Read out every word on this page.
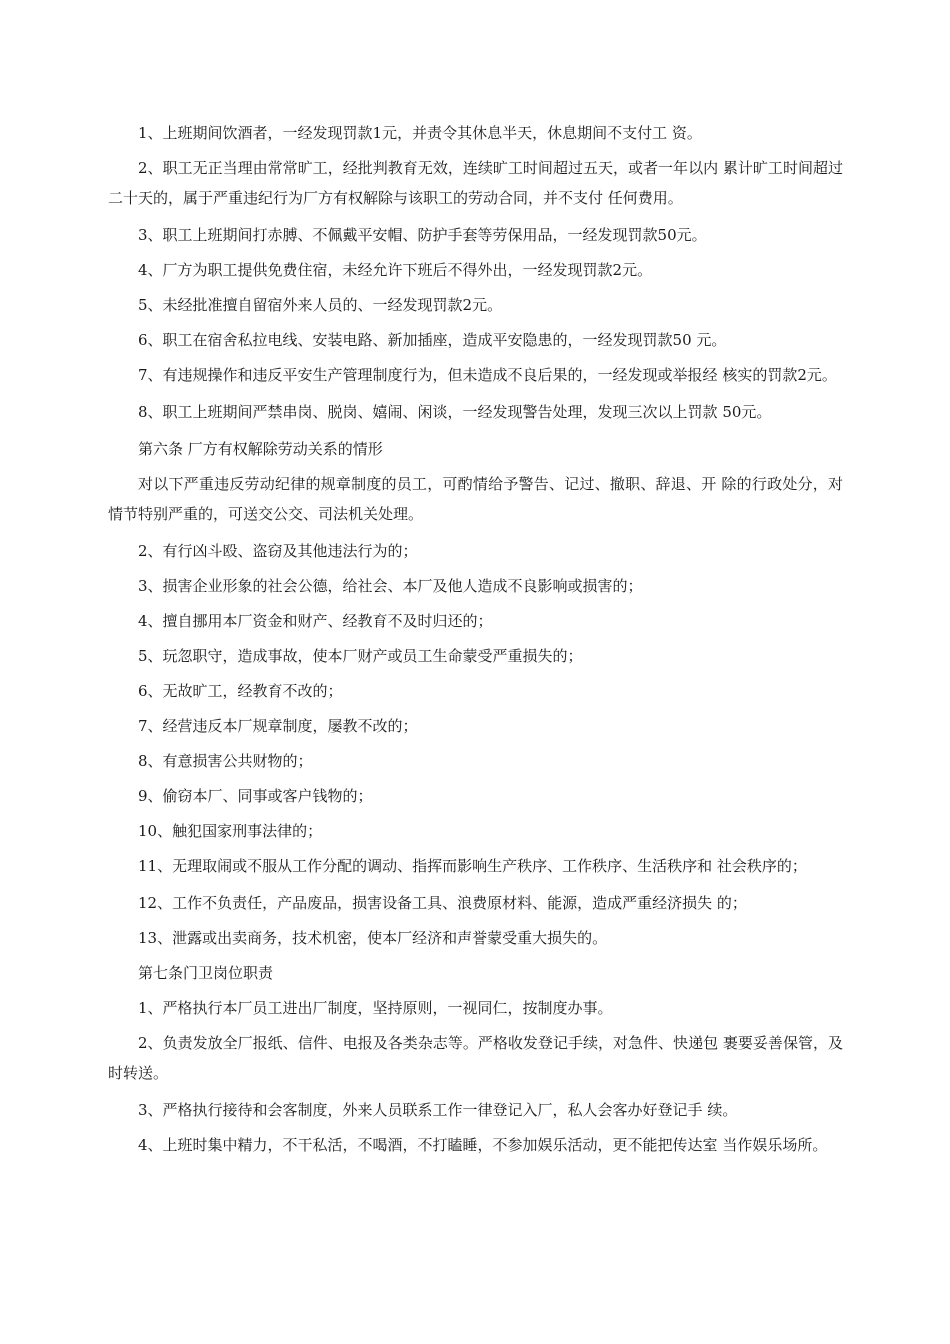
1、上班期间饮酒者，一经发现罚款1元，并责令其休息半天，休息期间不支付工 资。

2、职工无正当理由常常旷工，经批判教育无效，连续旷工时间超过五天，或者一年以内 累计旷工时间超过二十天的，属于严重违纪行为厂方有权解除与该职工的劳动合同，并不支付 任何费用。

3、职工上班期间打赤膊、不佩戴平安帽、防护手套等劳保用品，一经发现罚款50元。

4、厂方为职工提供免费住宿，未经允许下班后不得外出，一经发现罚款2元。

5、未经批准擅自留宿外来人员的、一经发现罚款2元。

6、职工在宿舍私拉电线、安装电路、新加插座，造成平安隐患的，一经发现罚款50 元。

7、有违规操作和违反平安生产管理制度行为，但未造成不良后果的，一经发现或举报经 核实的罚款2元。

8、职工上班期间严禁串岗、脱岗、嬉闹、闲谈，一经发现警告处理，发现三次以上罚款 50元。

第六条 厂方有权解除劳动关系的情形

对以下严重违反劳动纪律的规章制度的员工，可酌情给予警告、记过、撤职、辞退、开 除的行政处分，对情节特别严重的，可送交公交、司法机关处理。

2、有行凶斗殴、盗窃及其他违法行为的；

3、损害企业形象的社会公德，给社会、本厂及他人造成不良影响或损害的；

4、擅自挪用本厂资金和财产、经教育不及时归还的；

5、玩忽职守，造成事故，使本厂财产或员工生命蒙受严重损失的；

6、无故旷工，经教育不改的；

7、经营违反本厂规章制度，屡教不改的；

8、有意损害公共财物的；

9、偷窃本厂、同事或客户钱物的；

10、触犯国家刑事法律的；

11、无理取闹或不服从工作分配的调动、指挥而影响生产秩序、工作秩序、生活秩序和 社会秩序的；

12、工作不负责任，产品废品，损害设备工具、浪费原材料、能源，造成严重经济损失 的；

13、泄露或出卖商务，技术机密，使本厂经济和声誉蒙受重大损失的。

第七条门卫岗位职责

1、严格执行本厂员工进出厂制度，坚持原则，一视同仁，按制度办事。

2、负责发放全厂报纸、信件、电报及各类杂志等。严格收发登记手续，对急件、快递包 裹要妥善保管，及时转送。

3、严格执行接待和会客制度，外来人员联系工作一律登记入厂，私人会客办好登记手 续。

4、上班时集中精力，不干私活，不喝酒，不打瞌睡，不参加娱乐活动，更不能把传达室 当作娱乐场所。
